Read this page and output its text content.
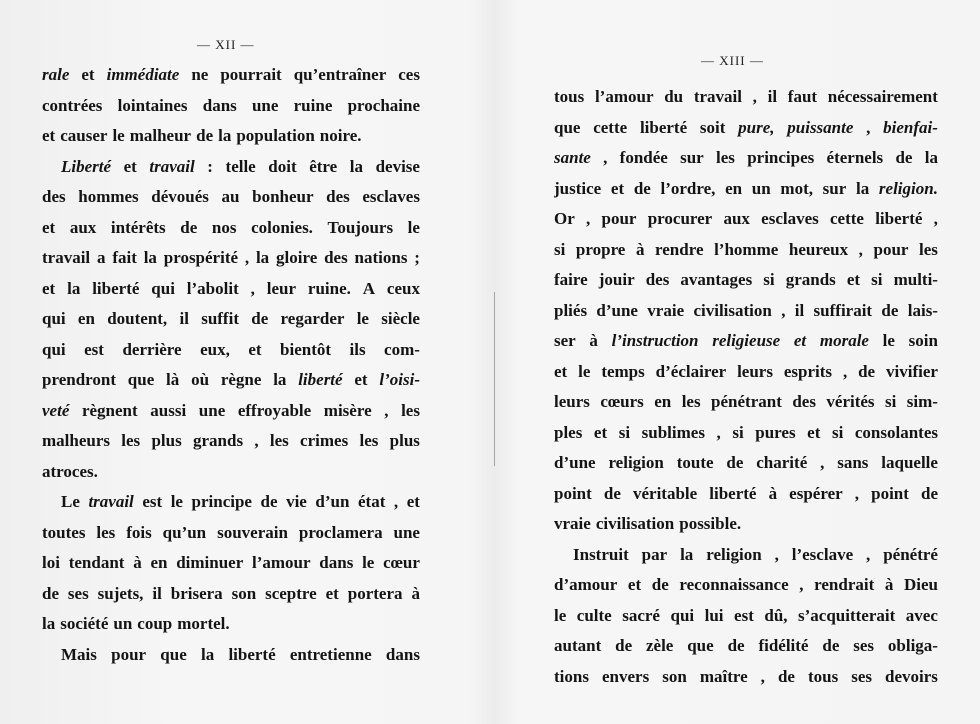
— XII —
rale et immédiate ne pourrait qu’entraîner ces
contrées lointaines dans une ruine prochaine
et causer le malheur de la population noire.
Liberté et travail : telle doit être la devise
des hommes dévoués au bonheur des esclaves
et aux intérêts de nos colonies. Toujours le
travail a fait la prospérité , la gloire des nations ;
et la liberté qui l’abolit , leur ruine. A ceux
qui en doutent, il suffit de regarder le siècle
qui est derrière eux, et bientôt ils com-
prendront que là où règne la liberté et l’oisi-
veté règnent aussi une effroyable misère , les
malheurs les plus grands , les crimes les plus
atroces.
Le travail est le principe de vie d’un état , et
toutes les fois qu’un souverain proclamera une
loi tendant à en diminuer l’amour dans le cœur
de ses sujets, il brisera son sceptre et portera à
la société un coup mortel.
Mais pour que la liberté entretienne dans
— XIII —
tous l’amour du travail , il faut nécessairement
que cette liberté soit pure, puissante , bienfai-
sante , fondée sur les principes éternels de la
justice et de l’ordre, en un mot, sur la religion.
Or , pour procurer aux esclaves cette liberté ,
si propre à rendre l’homme heureux , pour les
faire jouir des avantages si grands et si multi-
pliés d’une vraie civilisation , il suffirait de lais-
ser à l’instruction religieuse et morale le soin
et le temps d’éclairer leurs esprits , de vivifier
leurs cœurs en les pénétrant des vérités si sim-
ples et si sublimes , si pures et si consolantes
d’une religion toute de charité , sans laquelle
point de véritable liberté à espérer , point de
vraie civilisation possible.
Instruit par la religion , l’esclave , pénétré
d’amour et de reconnaissance , rendrait à Dieu
le culte sacré qui lui est dû, s’acquitterait avec
autant de zèle que de fidélité de ses obliga-
tions envers son maître , de tous ses devoirs
